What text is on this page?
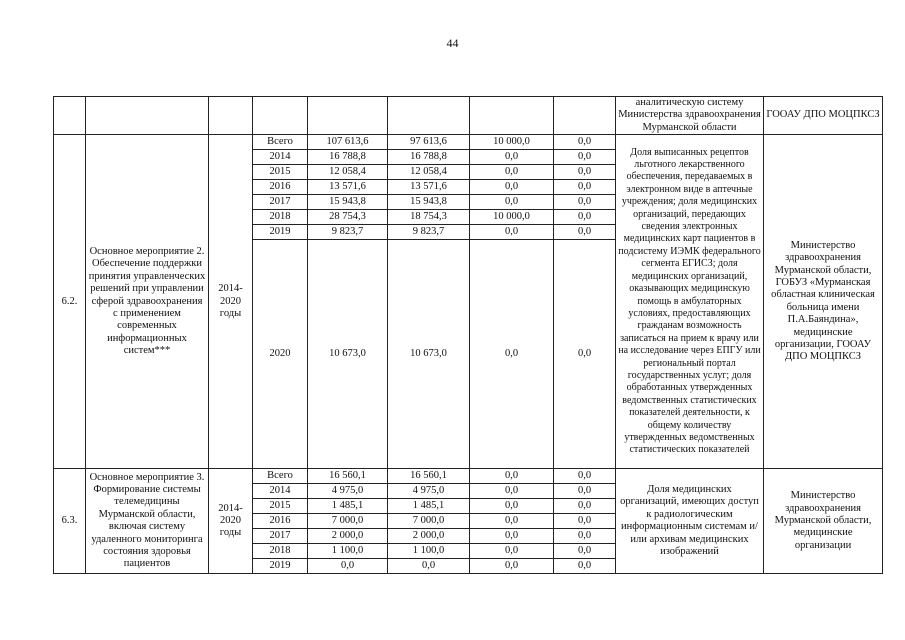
44
								аналитическую систему Министерства здравоохранения Мурманской области	ГООАУ ДПО МОЦПКСЗ
6.2.	Основное мероприятие 2. Обеспечение поддержки принятия управленческих решений при управлении сферой здравоохранения с применением современных информационных систем***	2014-2020 годы	Всего	107 613,6	97 613,6	10 000,0	0,0	Доля выписанных рецептов льготного лекарственного обеспечения, передаваемых в электронном виде в аптечные учреждения; доля медицинских организаций, передающих сведения электронных медицинских карт пациентов в подсистему ИЭМК федерального сегмента ЕГИСЗ; доля медицинских организаций, оказывающих медицинскую помощь в амбулаторных условиях, предоставляющих гражданам возможность записаться на прием к врачу или на исследование через ЕПГУ или региональный портал государственных услуг; доля обработанных утвержденных ведомственных статистических показателей деятельности, к общему количеству утвержденных ведомственных статистических показателей	Министерство здравоохранения Мурманской области, ГОБУЗ «Мурманская областная клиническая больница имени П.А.Баяндина», медицинские организации, ГООАУ ДПО МОЦПКСЗ
			2014	16 788,8	16 788,8	0,0	0,0		
			2015	12 058,4	12 058,4	0,0	0,0		
			2016	13 571,6	13 571,6	0,0	0,0		
			2017	15 943,8	15 943,8	0,0	0,0		
			2018	28 754,3	18 754,3	10 000,0	0,0		
			2019	9 823,7	9 823,7	0,0	0,0		
			2020	10 673,0	10 673,0	0,0	0,0		
6.3.	Основное мероприятие 3. Формирование системы телемедицины Мурманской области, включая систему удаленного мониторинга состояния здоровья пациентов	2014-2020 годы	Всего	16 560,1	16 560,1	0,0	0,0	Доля медицинских организаций, имеющих доступ к радиологическим информационным системам и/или архивам медицинских изображений	Министерство здравоохранения Мурманской области, медицинские организации
			2014	4 975,0	4 975,0	0,0	0,0		
			2015	1 485,1	1 485,1	0,0	0,0		
			2016	7 000,0	7 000,0	0,0	0,0		
			2017	2 000,0	2 000,0	0,0	0,0		
			2018	1 100,0	1 100,0	0,0	0,0		
			2019	0,0	0,0	0,0	0,0		
